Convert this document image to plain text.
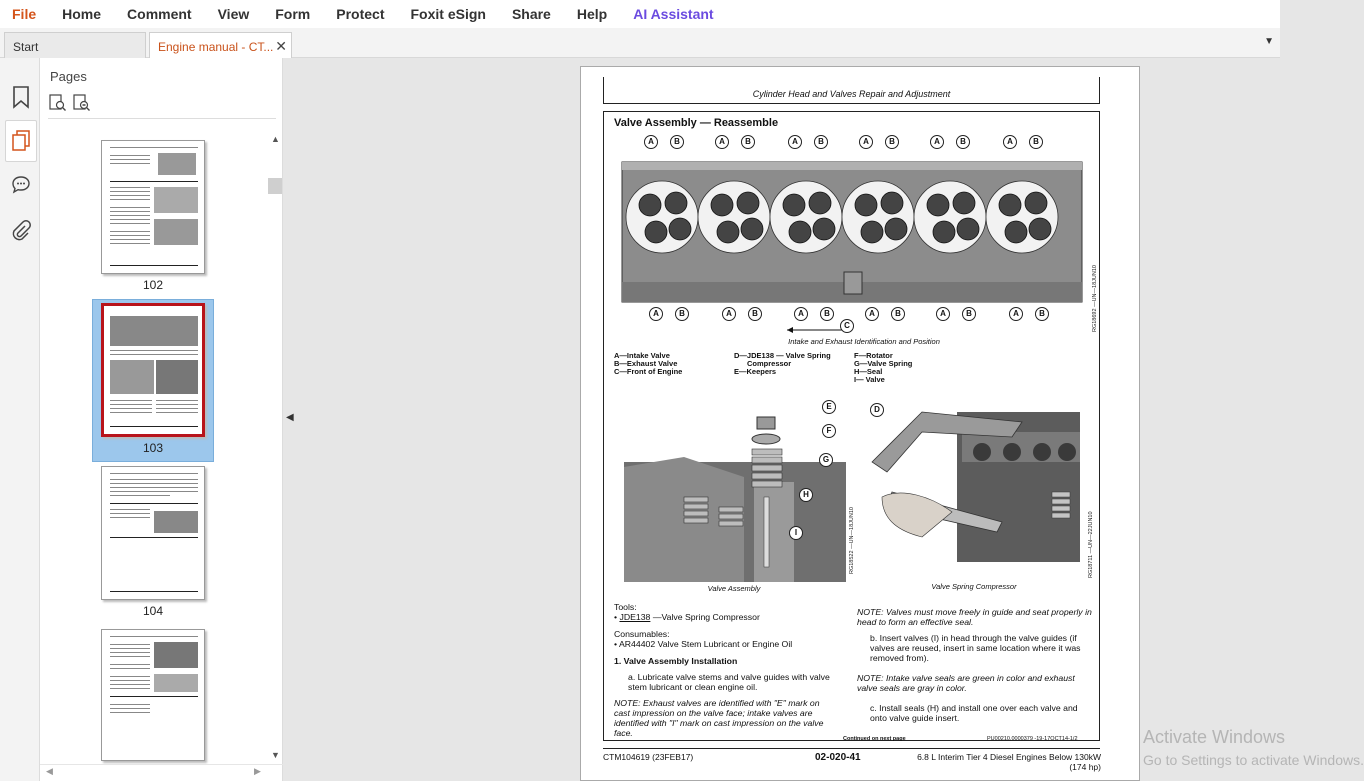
File Home Comment View Form Protect Foxit eSign Share Help AI Assistant
Start	Engine manual - CT... ✕	▼
Pages
102
103
104
▲
▼
◀	▶
◀
Cylinder Head and Valves Repair and Adjustment
Valve Assembly — Reassemble
A	B	A	B	A	B	A	B	A	B	A	B
A	B	A	B	A	B
C
A	B	A	B	A	B
Intake and Exhaust Identification and Position
RG18692 —UN—18JUN10
A—Intake Valve
B—Exhaust Valve
C—Front of Engine
D—JDE138 — Valve Spring
Compressor
E—Keepers
F—Rotator
G—Valve Spring
H—Seal
I— Valve
E
F
G
H
I
Valve Assembly
RG18522 —UN—18JUN10
D
Valve Spring Compressor
RG18711 —UN—22JUN10
Tools:
• JDE138 —Valve Spring Compressor
Consumables:
• AR44402 Valve Stem Lubricant or Engine Oil
1. Valve Assembly Installation
a. Lubricate valve stems and valve guides with valve stem lubricant or clean engine oil.
NOTE: Exhaust valves are identified with "E" mark on cast impression on the valve face; intake valves are identified with "I" mark on cast impression on the valve face.
NOTE: Valves must move freely in guide and seat properly in head to form an effective seal.
b. Insert valves (I) in head through the valve guides (if valves are reused, insert in same location where it was removed from).
NOTE: Intake valve seals are green in color and exhaust valve seals are gray in color.
c. Install seals (H) and install one over each valve and onto valve guide insert.
Continued on next page	PU00210,0000379 -19-17OCT14-1/2
CTM104619 (23FEB17)	02-020-41	6.8 L Interim Tier 4 Diesel Engines Below 130kW (174 hp)
Activate Windows
Go to Settings to activate Windows.
